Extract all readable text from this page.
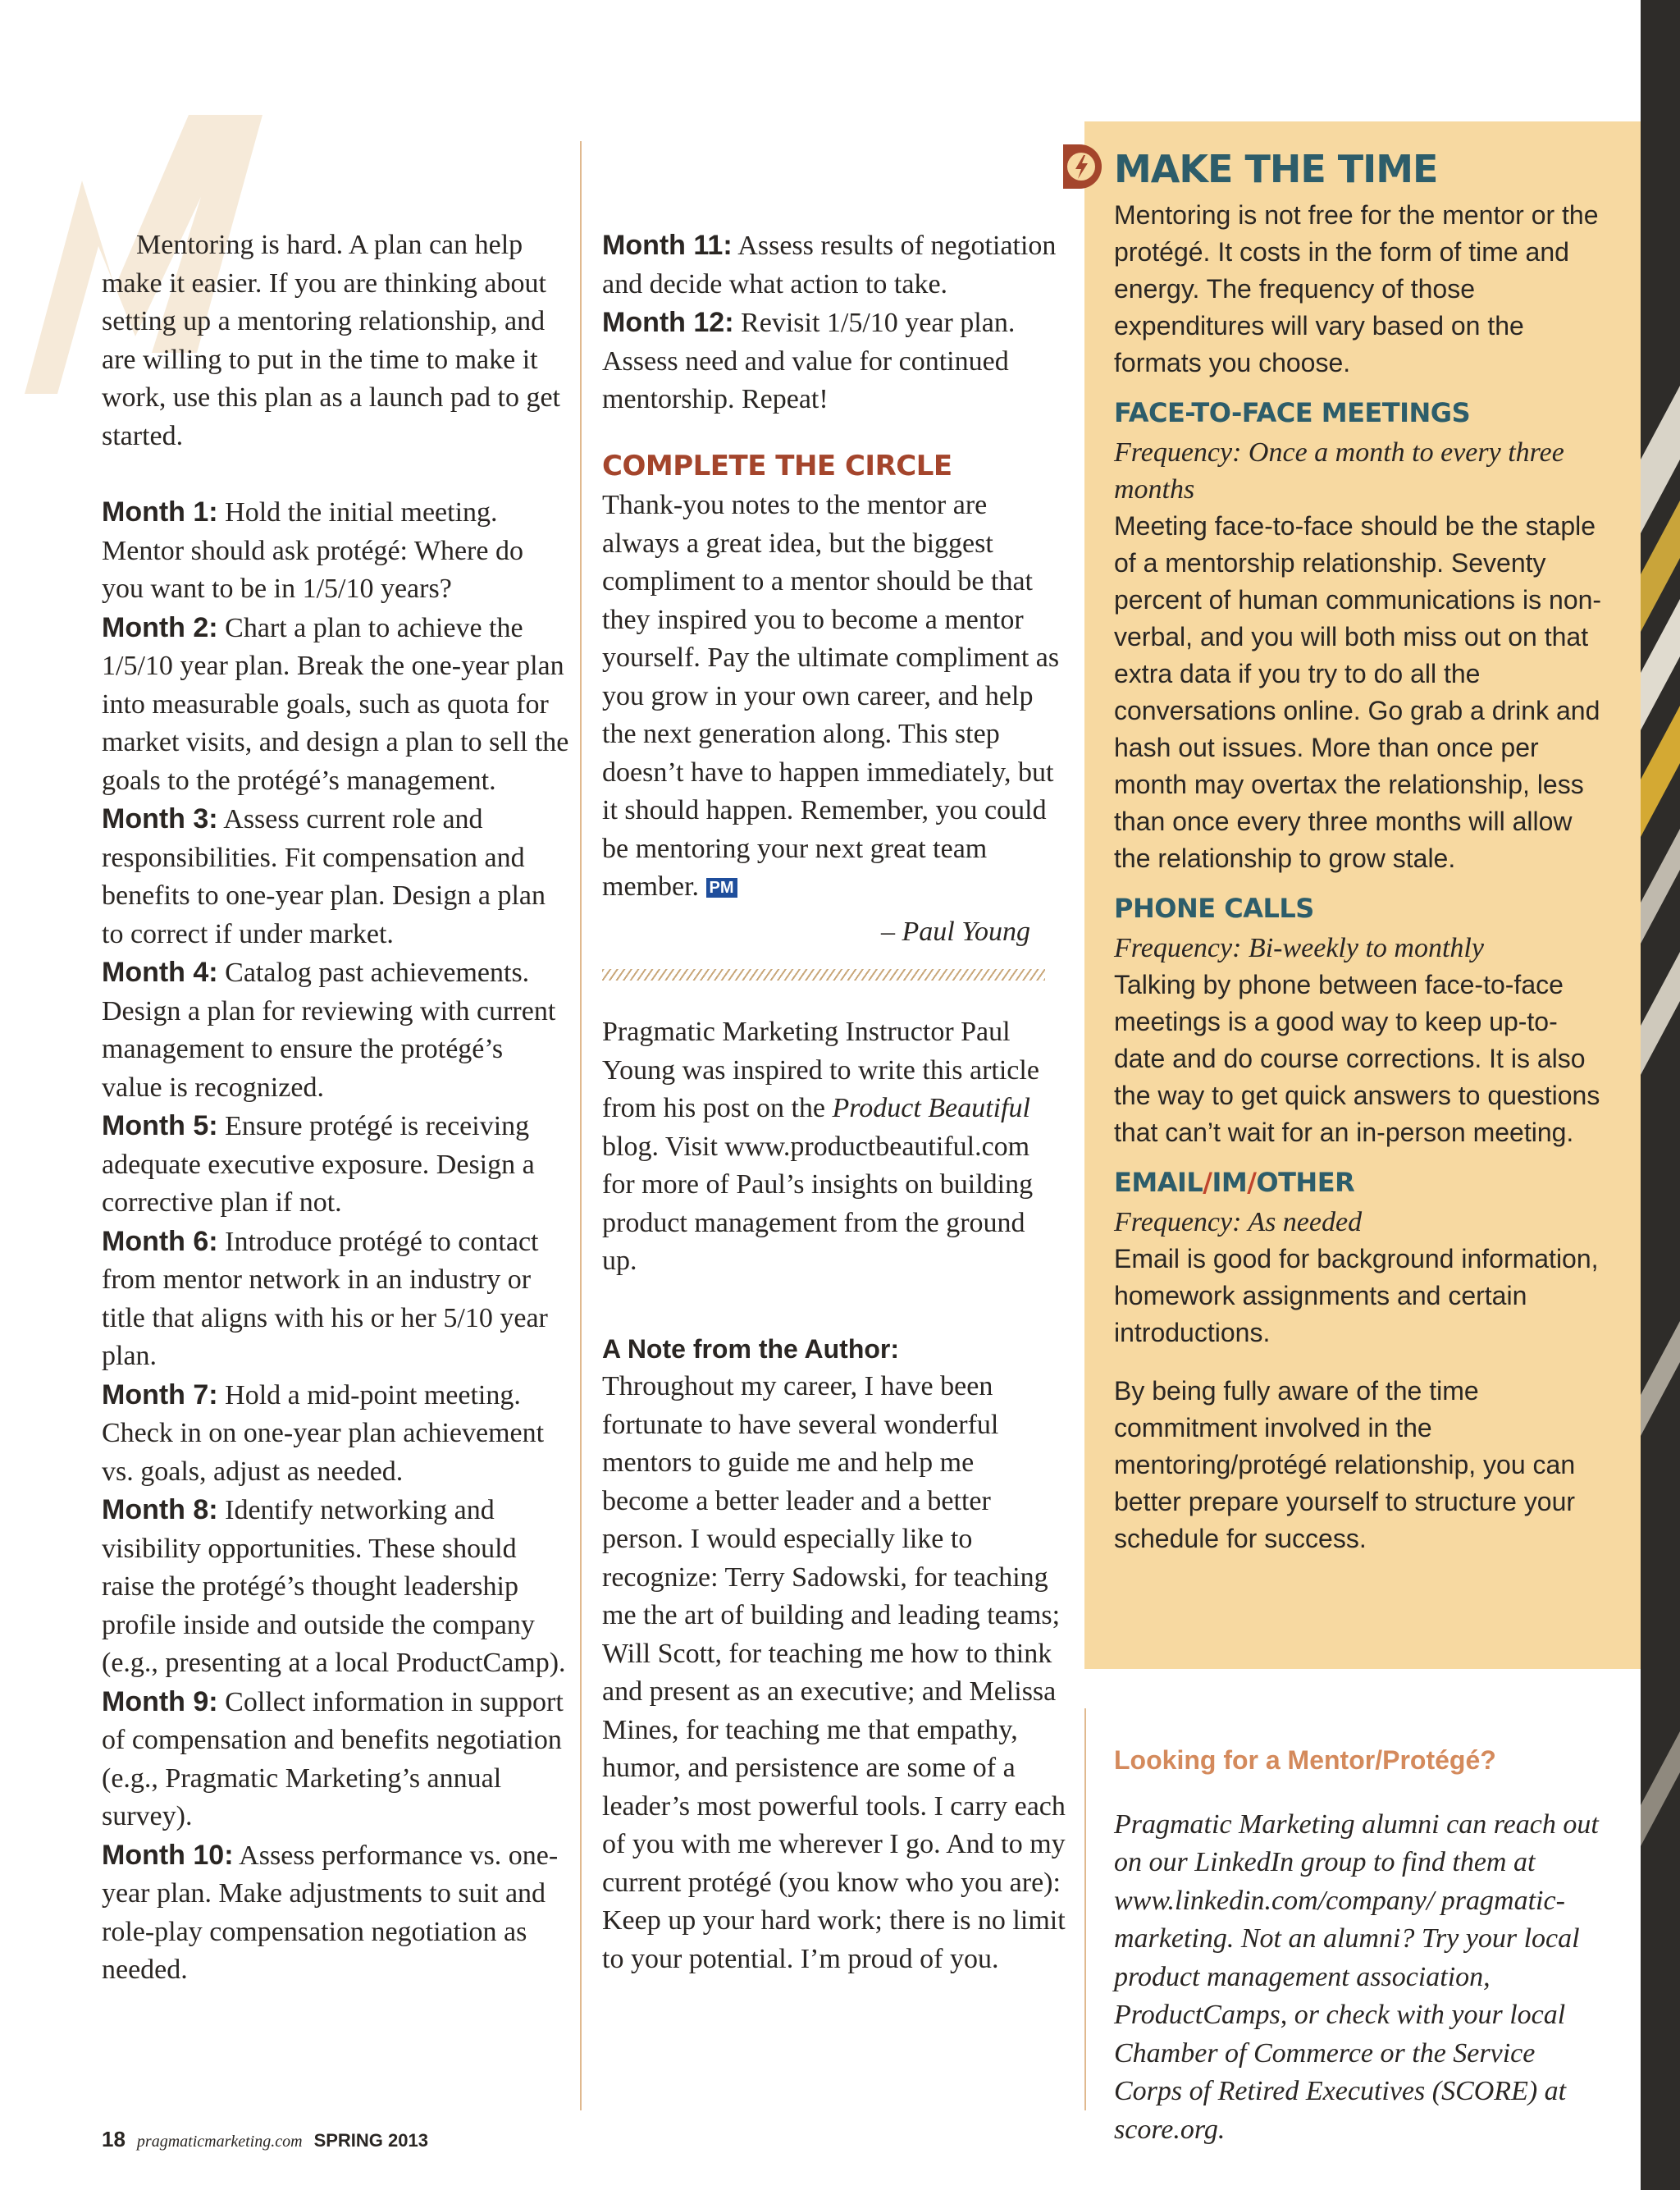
Mentoring is hard. A plan can help make it easier. If you are thinking about setting up a mentoring relationship, and are willing to put in the time to make it work, use this plan as a launch pad to get started.

Month 1: Hold the initial meeting. Mentor should ask protégé: Where do you want to be in 1/5/10 years?

Month 2: Chart a plan to achieve the 1/5/10 year plan. Break the one-year plan into measurable goals, such as quota for market visits, and design a plan to sell the goals to the protégé’s management.

Month 3: Assess current role and responsibilities. Fit compensation and benefits to one-year plan. Design a plan to correct if under market.

Month 4: Catalog past achievements. Design a plan for reviewing with current management to ensure the protégé’s value is recognized.

Month 5: Ensure protégé is receiving adequate executive exposure. Design a corrective plan if not.

Month 6: Introduce protégé to contact from mentor network in an industry or title that aligns with his or her 5/10 year plan.

Month 7: Hold a mid-point meeting. Check in on one-year plan achievement vs. goals, adjust as needed.

Month 8: Identify networking and visibility opportunities. These should raise the protégé’s thought leadership profile inside and outside the company (e.g., presenting at a local ProductCamp).

Month 9: Collect information in support of compensation and benefits negotiation (e.g., Pragmatic Marketing’s annual survey).

Month 10: Assess performance vs. one-year plan. Make adjustments to suit and role-play compensation negotiation as needed.

Month 11: Assess results of negotiation and decide what action to take.

Month 12: Revisit 1/5/10 year plan. Assess need and value for continued mentorship. Repeat!

COMPLETE THE CIRCLE

Thank-you notes to the mentor are always a great idea, but the biggest compliment to a mentor should be that they inspired you to become a mentor yourself. Pay the ultimate compliment as you grow in your own career, and help the next generation along. This step doesn’t have to happen immediately, but it should happen. Remember, you could be mentoring your next great team member. PM

– Paul Young

Pragmatic Marketing Instructor Paul Young was inspired to write this article from his post on the Product Beautiful blog. Visit www.productbeautiful.com for more of Paul’s insights on building product management from the ground up.

A Note from the Author:

Throughout my career, I have been fortunate to have several wonderful mentors to guide me and help me become a better leader and a better person. I would especially like to recognize: Terry Sadowski, for teaching me the art of building and leading teams; Will Scott, for teaching me how to think and present as an executive; and Melissa Mines, for teaching me that empathy, humor, and persistence are some of a leader’s most powerful tools. I carry each of you with me wherever I go. And to my current protégé (you know who you are): Keep up your hard work; there is no limit to your potential. I’m proud of you.

MAKE THE TIME

Mentoring is not free for the mentor or the protégé. It costs in the form of time and energy. The frequency of those expenditures will vary based on the formats you choose.

FACE-TO-FACE MEETINGS

Frequency: Once a month to every three months

Meeting face-to-face should be the staple of a mentorship relationship. Seventy percent of human communications is non-verbal, and you will both miss out on that extra data if you try to do all the conversations online. Go grab a drink and hash out issues. More than once per month may overtax the relationship, less than once every three months will allow the relationship to grow stale.

PHONE CALLS

Frequency: Bi-weekly to monthly

Talking by phone between face-to-face meetings is a good way to keep up-to-date and do course corrections. It is also the way to get quick answers to questions that can’t wait for an in-person meeting.

EMAIL/IM/OTHER

Frequency: As needed

Email is good for background information, homework assignments and certain introductions.

By being fully aware of the time commitment involved in the mentoring/protégé relationship, you can better prepare yourself to structure your schedule for success.

Looking for a Mentor/Protégé?

Pragmatic Marketing alumni can reach out on our LinkedIn group to find them at www.linkedin.com/company/ pragmatic-marketing. Not an alumni? Try your local product management association, ProductCamps, or check with your local Chamber of Commerce or the Service Corps of Retired Executives (SCORE) at score.org.

18 pragmaticmarketing.com SPRING 2013
